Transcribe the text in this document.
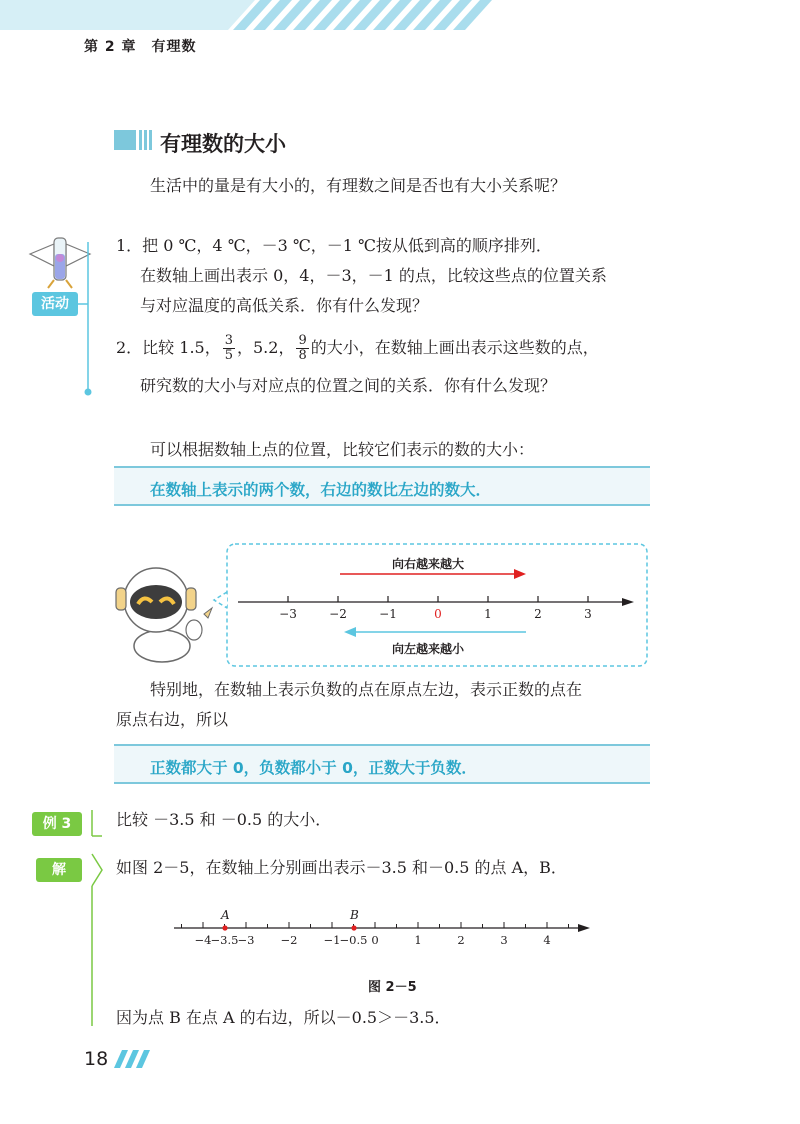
第 2 章　有理数
有理数的大小
生活中的量是有大小的，有理数之间是否也有大小关系呢？
活动
1．把 0 ℃，4 ℃，－3 ℃，－1 ℃按从低到高的顺序排列．
在数轴上画出表示 0，4，－3，－1 的点，比较这些点的位置关系
与对应温度的高低关系．你有什么发现？
2．比较 1.5， $\frac{3}{5}$ ，5.2， $\frac{9}{8}$ 的大小，在数轴上画出表示这些数的点，
研究数的大小与对应点的位置之间的关系．你有什么发现？
可以根据数轴上点的位置，比较它们表示的数的大小：
在数轴上表示的两个数，右边的数比左边的数大．
−3	−2	−1	0	1	2	3
向右越来越大
向左越来越小
特别地，在数轴上表示负数的点在原点左边，表示正数的点在
原点右边，所以
正数都大于 0，负数都小于 0，正数大于负数．
例 3
解
比较 －3.5 和 －0.5 的大小．
如图 2－5，在数轴上分别画出表示－3.5 和－0.5 的点 A，B．
−4 −3.5 −3 −2 −1 −0.5 0	1	2	3	4
A	B
图 2－5
因为点 B 在点 A 的右边，所以－0.5＞－3.5．
18
